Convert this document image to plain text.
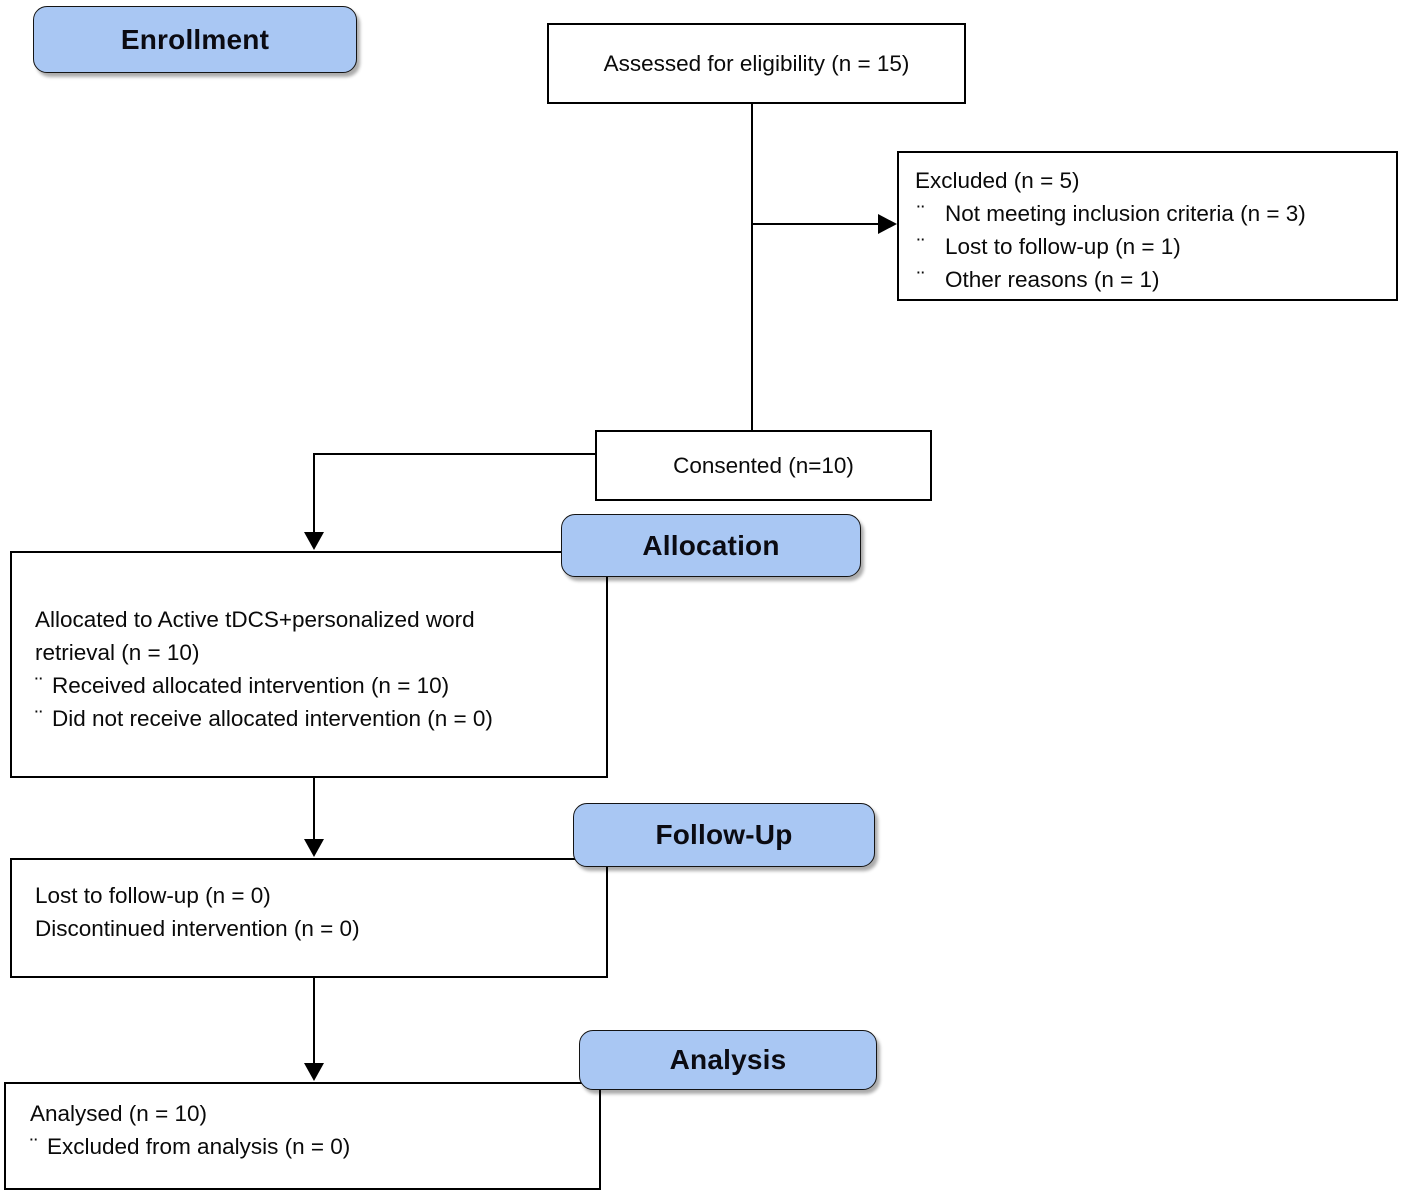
Enrollment
Allocation
Follow-Up
Analysis
Assessed for eligibility (n = 15)
Excluded (n = 5)
¨ Not meeting inclusion criteria (n = 3)
¨ Lost to follow-up (n = 1)
¨ Other reasons (n = 1)
Consented (n=10)
Allocated to Active tDCS+personalized word retrieval (n = 10)
¨ Received allocated intervention (n = 10)
¨ Did not receive allocated intervention (n = 0)
Lost to follow-up (n = 0)
Discontinued intervention (n = 0)
Analysed (n = 10)
¨ Excluded from analysis (n = 0)
